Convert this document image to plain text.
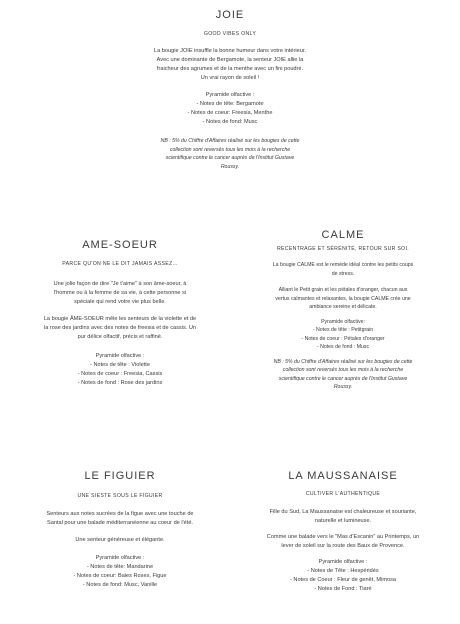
JOIE

GOOD VIBES ONLY

La bougie JOIE insuffle la bonne humeur dans votre intérieur.
Avec une dominante de Bergamote, la senteur JOIE allie la
fraicheur des agrumes et de la menthe avec un fini poudré.
Un vrai rayon de soleil !

Pyramide olfactive :
- Notes de tête: Bergamote
- Notes de coeur: Freesia, Menthe
- Notes de fond: Musc

NB : 5% du Chiffre d'Affaires réalisé sur les bougies de cette
collection sont reversés tous les mois à la recherche
scientifique contre le cancer auprès de l'Institut Gustave
Roussy.

AME-SOEUR

PARCE QU'ON NE LE DIT JAMAIS ASSEZ...

Une jolie façon de dire "Je t'aime" à son âme-soeur, à
l'homme ou à la femme de sa vie, à cette personne si
spéciale qui rend votre vie plus belle.

La bougie ÂME-SOEUR mêle les senteurs de la violette et de
la rose des jardins avec des notes de freesia et de cassis. Un
pur délice olfactif, précis et raffiné.

Pyramide olfactive :
- Notes de tête : Violette
- Notes de coeur : Freesia, Cassis
- Notes de fond : Rose des jardins

CALME

RECENTRAGE ET SÉRÉNITÉ, RETOUR SUR SOI.

La bougie CALME est le remède idéal contre les petits coups
de stress.

Alliant le Petit grain et les pétales d'oranger, chacun aux
vertus calmantes et relaxantes, la bougie CALME crée une
ambiance sereine et délicate.

Pyramide olfactive:
- Notes de tête : Petitgrain
- Notes de coeur : Pétales d'oranger
- Notes de fond : Musc

NB : 5% du Chiffre d'Affaires réalisé sur les bougies de cette
collection sont reversés tous les mois à la recherche
scientifique contre le cancer auprès de l'Institut Gustave
Roussy.

LE FIGUIER

UNE SIESTE SOUS LE FIGUIER

Senteurs aux notes sucrées de la figue avec une touche de
Santal pour une balade méditerranéenne au coeur de l'été.

Une senteur généreuse et élégante.

Pyramide olfactive :
- Notes de tête: Mandarine
- Notes de coeur: Baies Roses, Figue
- Notes de fond: Musc, Vanille

LA MAUSSANAISE

CULTIVER L'AUTHENTIQUE

Fille du Sud, La Maussanaise est chaleureuse et souriante,
naturelle et lumineuse.

Comme une balade vers le "Mas d'Escanin" au Printemps, un
lever de soleil sur la route des Baux de Provence.

Pyramide olfactive :
- Notes de Tête : Hespéridés
- Notes de Coeur : Fleur de genêt, Mimosa
- Notes de Fond : Tiaré
